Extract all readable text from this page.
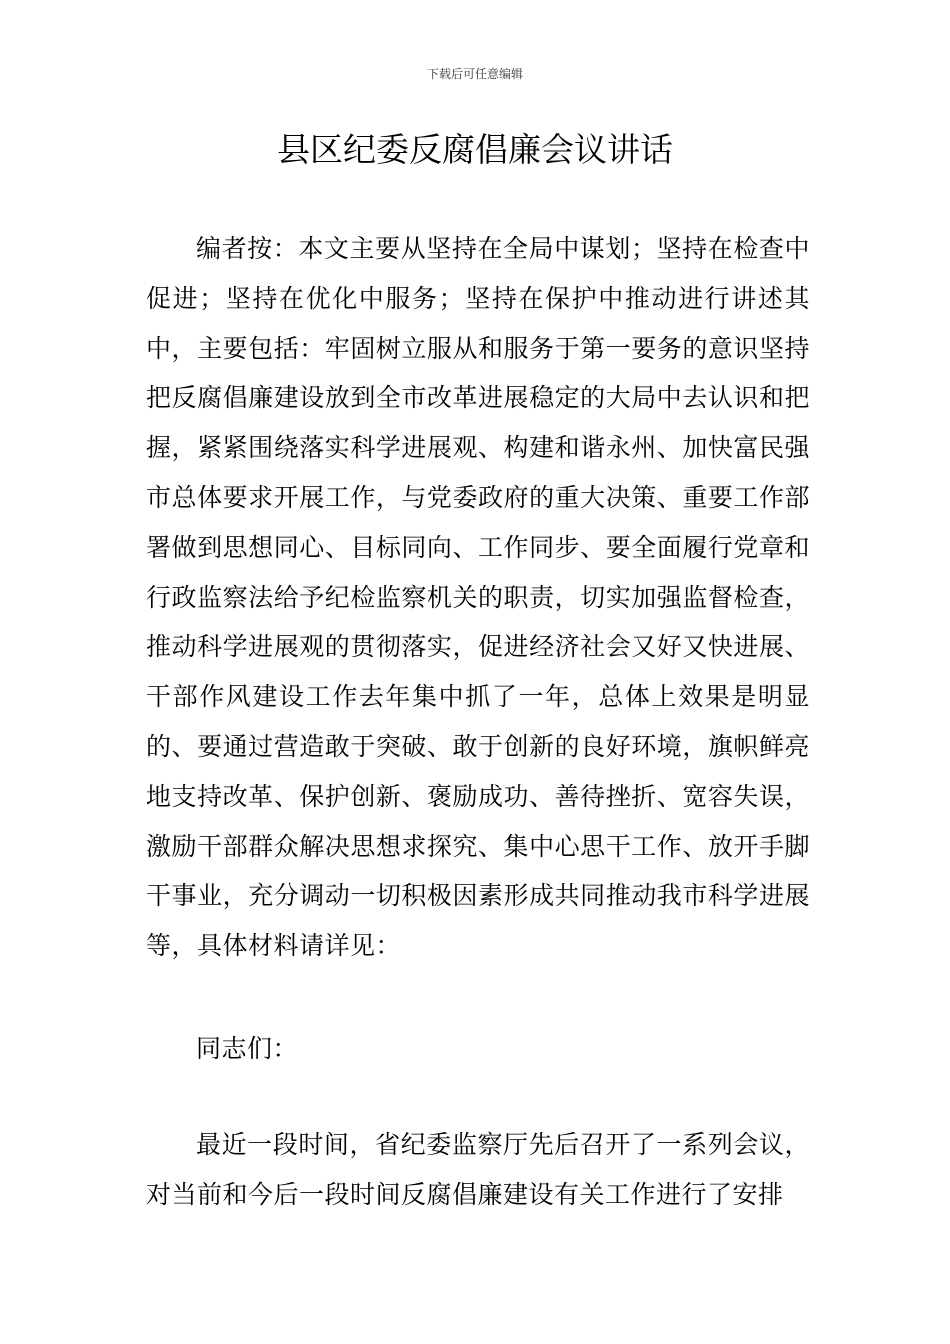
下载后可任意编辑
县区纪委反腐倡廉会议讲话

编者按：本文主要从坚持在全局中谋划；坚持在检查中促进；坚持在优化中服务；坚持在保护中推动进行讲述其中，主要包括：牢固树立服从和服务于第一要务的意识坚持把反腐倡廉建设放到全市改革进展稳定的大局中去认识和把握，紧紧围绕落实科学进展观、构建和谐永州、加快富民强市总体要求开展工作，与党委政府的重大决策、重要工作部署做到思想同心、目标同向、工作同步、要全面履行党章和行政监察法给予纪检监察机关的职责，切实加强监督检查，推动科学进展观的贯彻落实，促进经济社会又好又快进展、干部作风建设工作去年集中抓了一年，总体上效果是明显的、要通过营造敢于突破、敢于创新的良好环境，旗帜鲜亮地支持改革、保护创新、褒励成功、善待挫折、宽容失误，激励干部群众解决思想求探究、集中心思干工作、放开手脚干事业，充分调动一切积极因素形成共同推动我市科学进展等，具体材料请详见：

同志们：

最近一段时间，省纪委监察厅先后召开了一系列会议，对当前和今后一段时间反腐倡廉建设有关工作进行了安排
